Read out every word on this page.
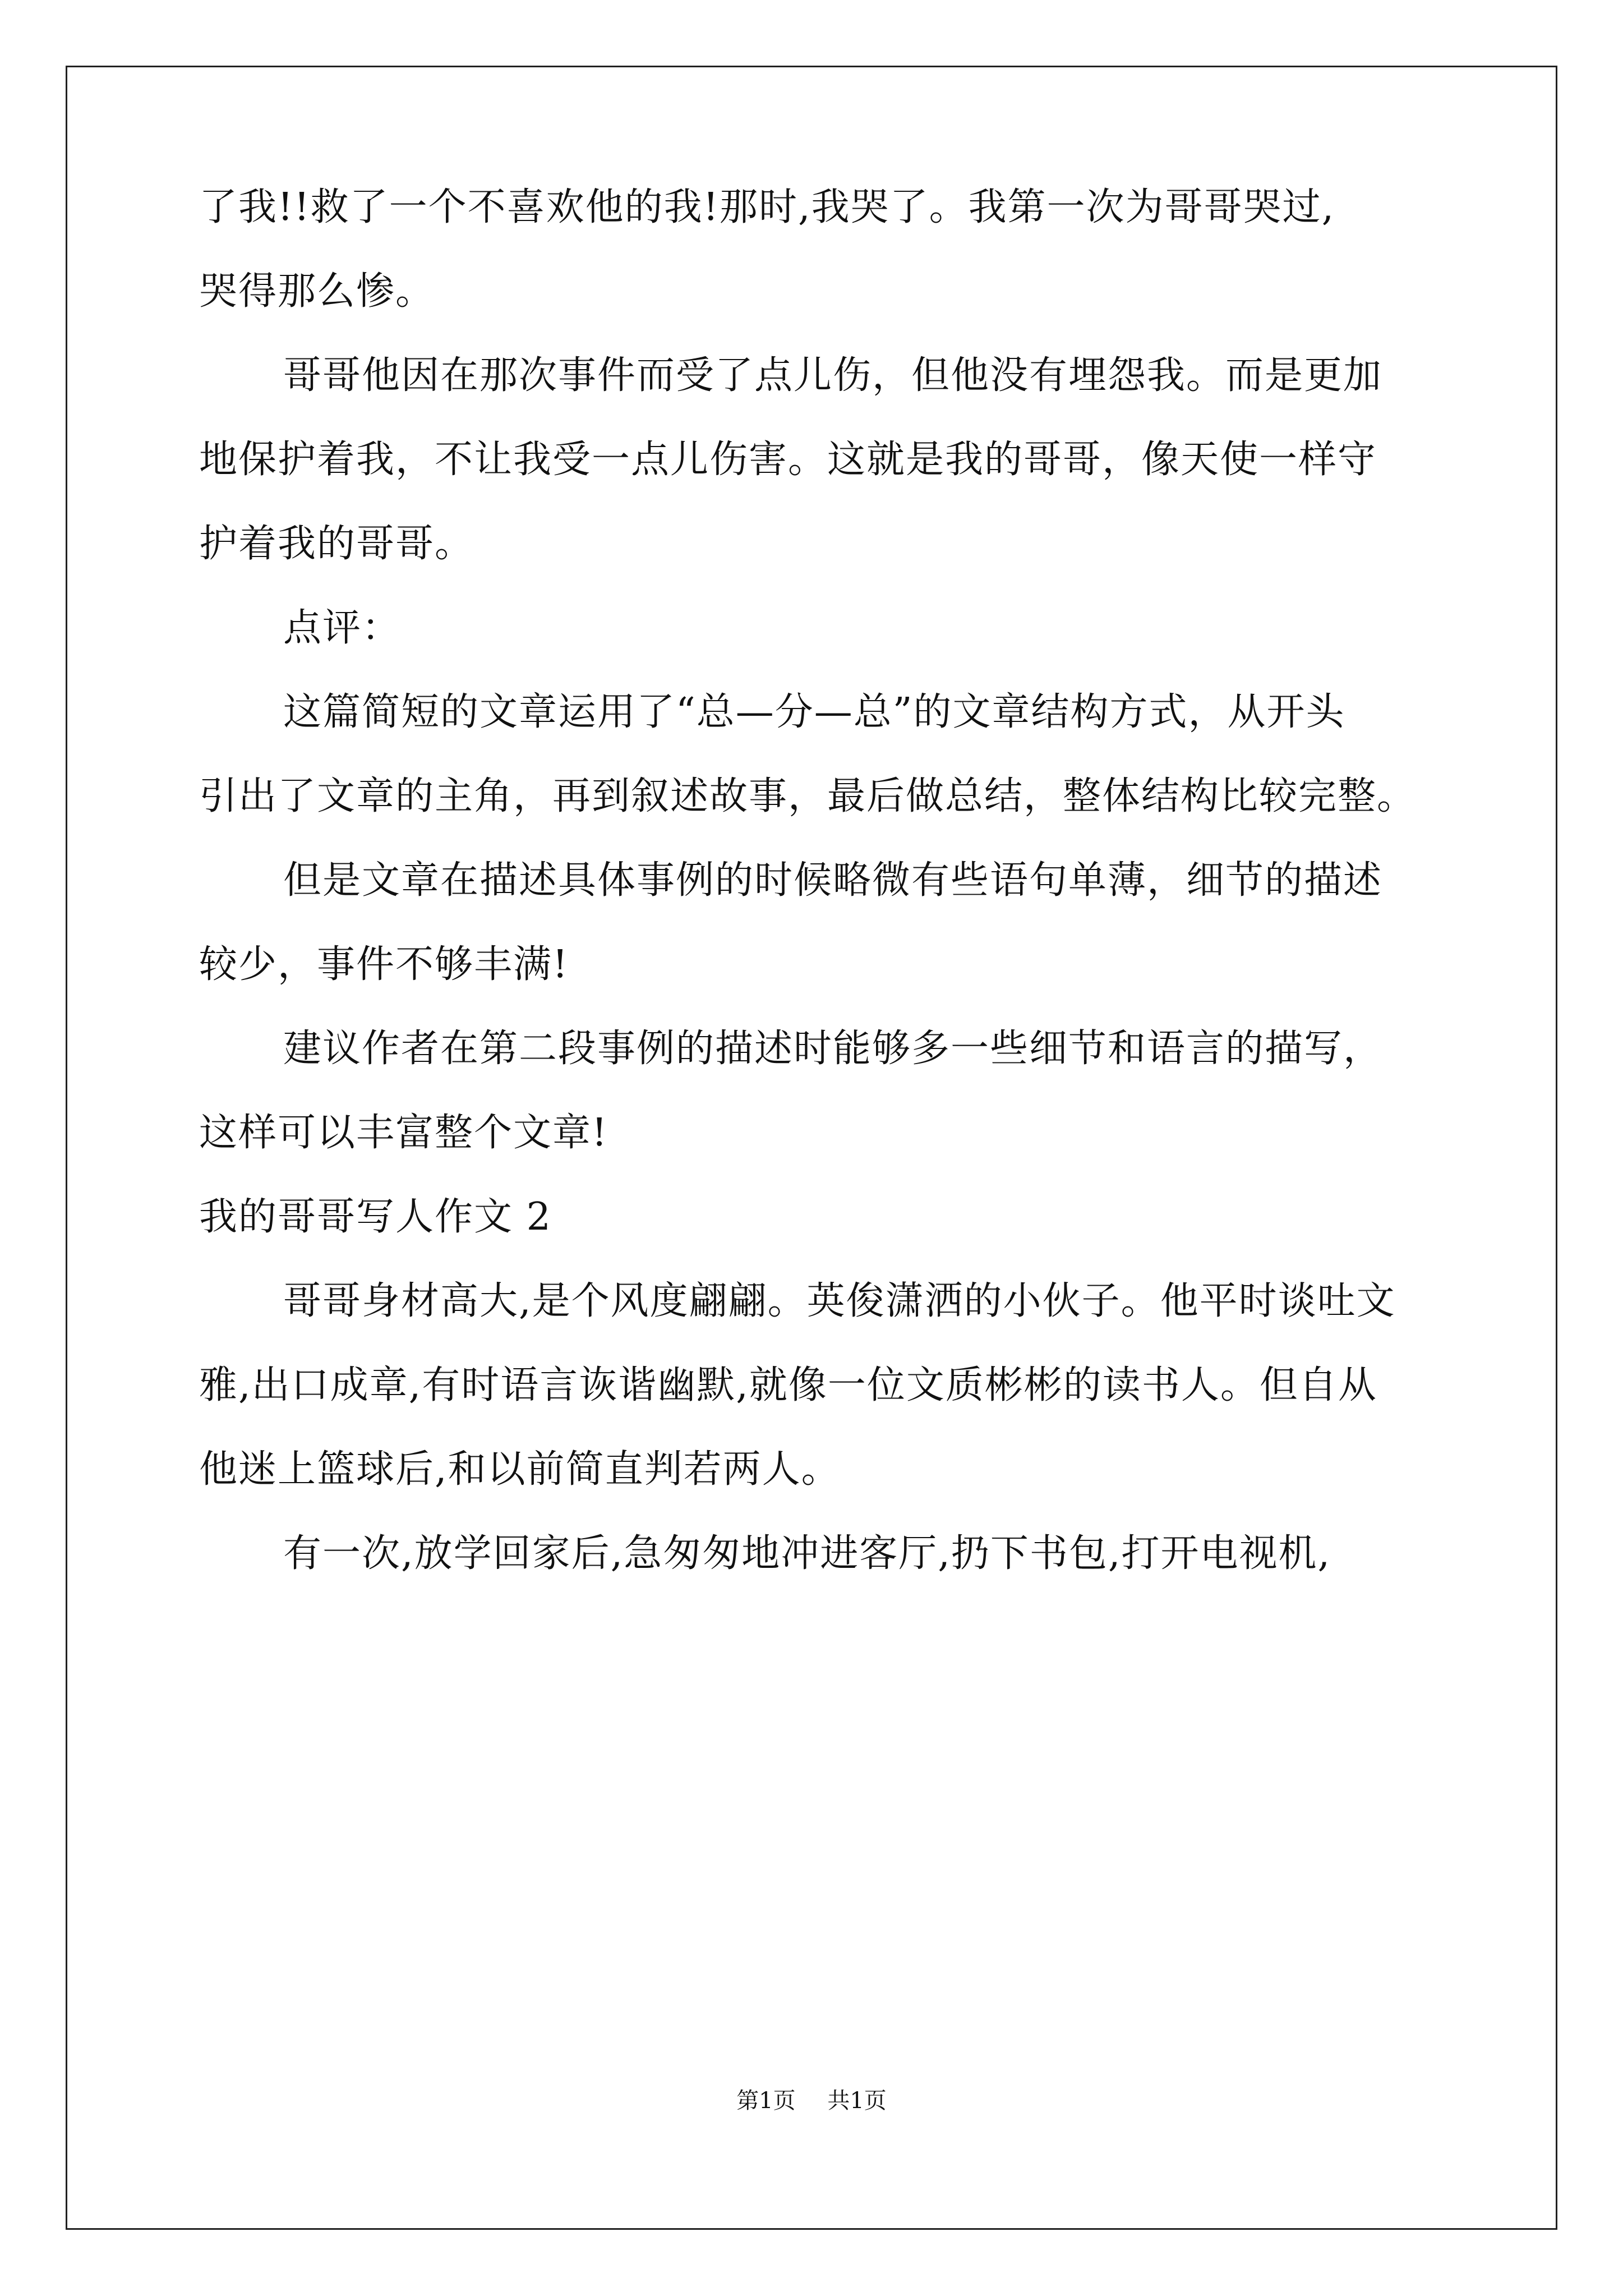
了我!!救了一个不喜欢他的我!那时,我哭了。我第一次为哥哥哭过,
哭得那么惨。
哥哥他因在那次事件而受了点儿伤，但他没有埋怨我。而是更加
地保护着我，不让我受一点儿伤害。这就是我的哥哥，像天使一样守
护着我的哥哥。
点评：
这篇简短的文章运用了“总—分—总”的文章结构方式，从开头
引出了文章的主角，再到叙述故事，最后做总结，整体结构比较完整。
但是文章在描述具体事例的时候略微有些语句单薄，细节的描述
较少，事件不够丰满!
建议作者在第二段事例的描述时能够多一些细节和语言的描写，
这样可以丰富整个文章!
我的哥哥写人作文 2
哥哥身材高大,是个风度翩翩。英俊潇洒的小伙子。他平时谈吐文
雅,出口成章,有时语言诙谐幽默,就像一位文质彬彬的读书人。但自从
他迷上篮球后,和以前简直判若两人。
有一次,放学回家后,急匆匆地冲进客厅,扔下书包,打开电视机,
第1页 共1页
